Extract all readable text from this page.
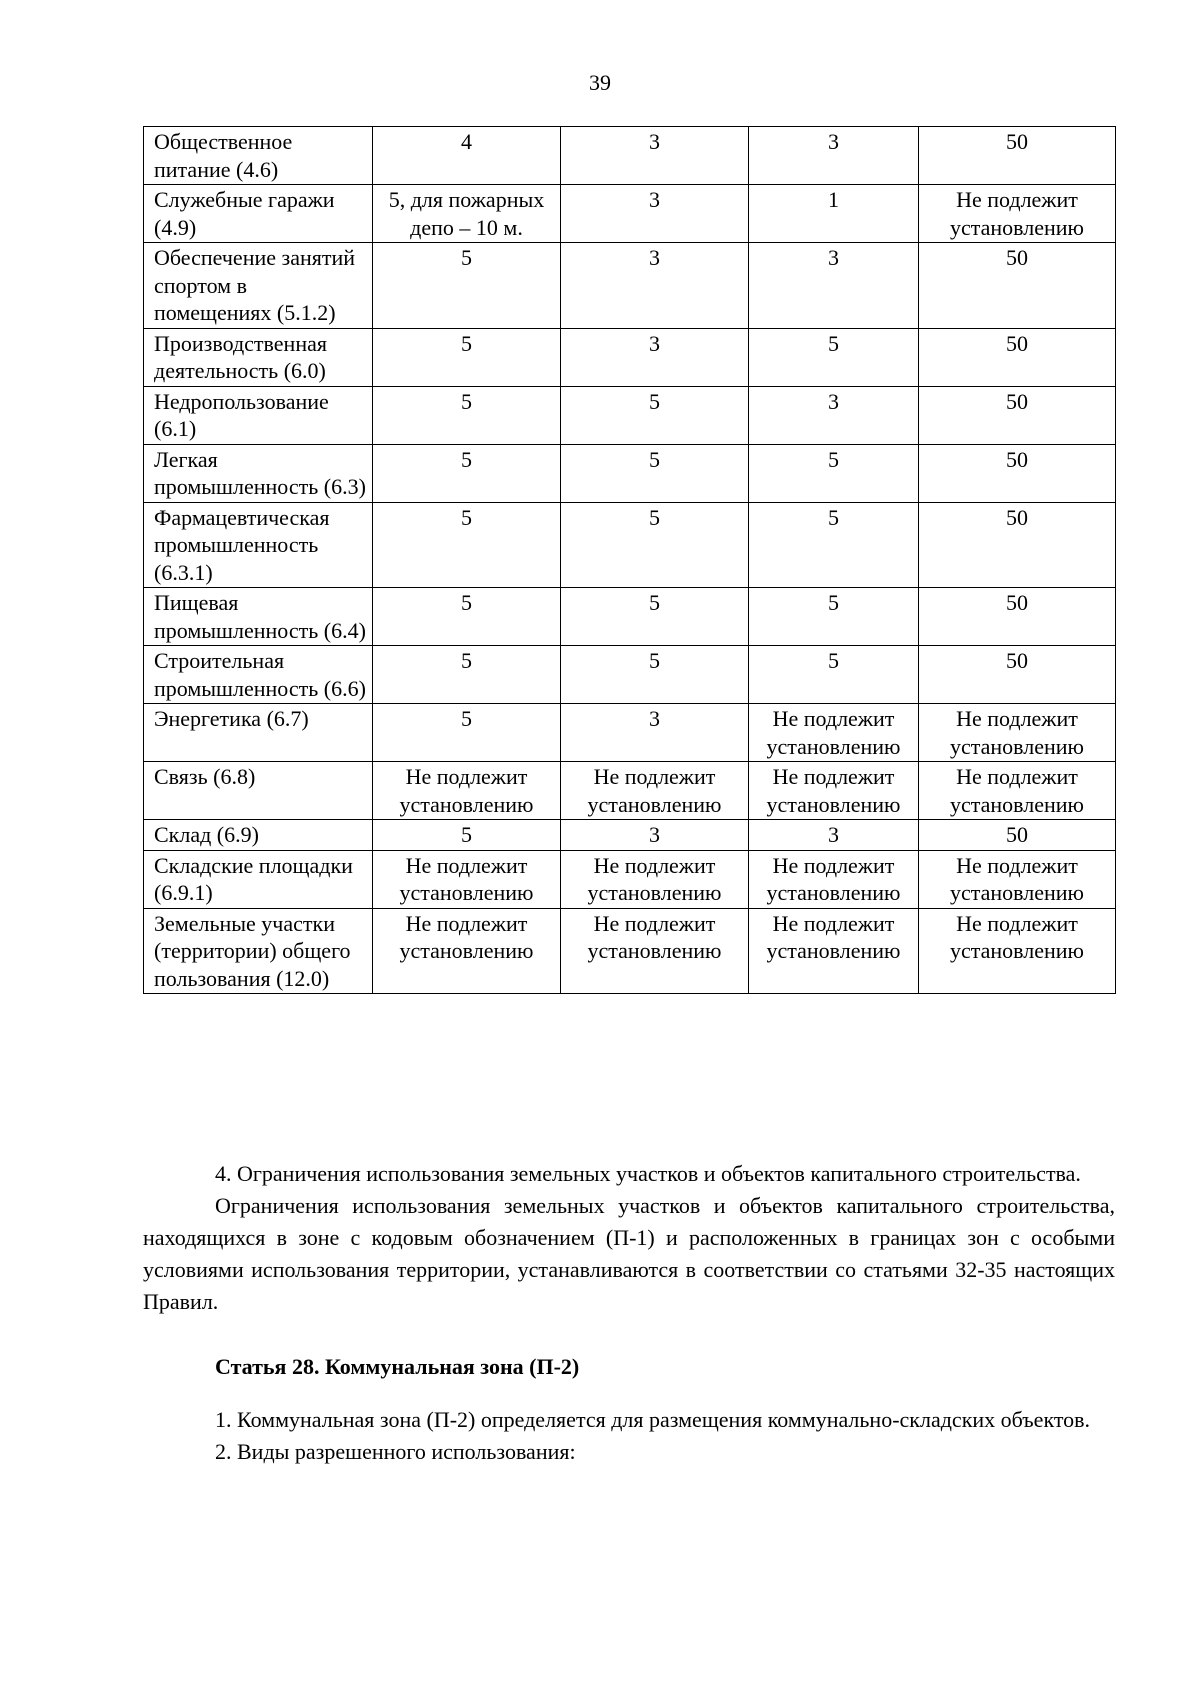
39
Общественное питание (4.6)	4	3	3	50
Служебные гаражи (4.9)	5, для пожарных депо – 10 м.	3	1	Не подлежит установлению
Обеспечение занятий спортом в помещениях (5.1.2)	5	3	3	50
Производственная деятельность (6.0)	5	3	5	50
Недропользование (6.1)	5	5	3	50
Легкая промышленность (6.3)	5	5	5	50
Фармацевтическая промышленность (6.3.1)	5	5	5	50
Пищевая промышленность (6.4)	5	5	5	50
Строительная промышленность (6.6)	5	5	5	50
Энергетика (6.7)	5	3	Не подлежит установлению	Не подлежит установлению
Связь (6.8)	Не подлежит установлению	Не подлежит установлению	Не подлежит установлению	Не подлежит установлению
Склад (6.9)	5	3	3	50
Складские площадки (6.9.1)	Не подлежит установлению	Не подлежит установлению	Не подлежит установлению	Не подлежит установлению
Земельные участки (территории) общего пользования (12.0)	Не подлежит установлению	Не подлежит установлению	Не подлежит установлению	Не подлежит установлению

4. Ограничения использования земельных участков и объектов капитального строительства.

Ограничения использования земельных участков и объектов капитального строительства, находящихся в зоне с кодовым обозначением (П-1) и расположенных в границах зон с особыми условиями использования территории, устанавливаются в соответствии со статьями 32-35 настоящих Правил.

Статья 28. Коммунальная зона (П-2)

1. Коммунальная зона (П-2) определяется для размещения коммунально-складских объектов.

2. Виды разрешенного использования:
